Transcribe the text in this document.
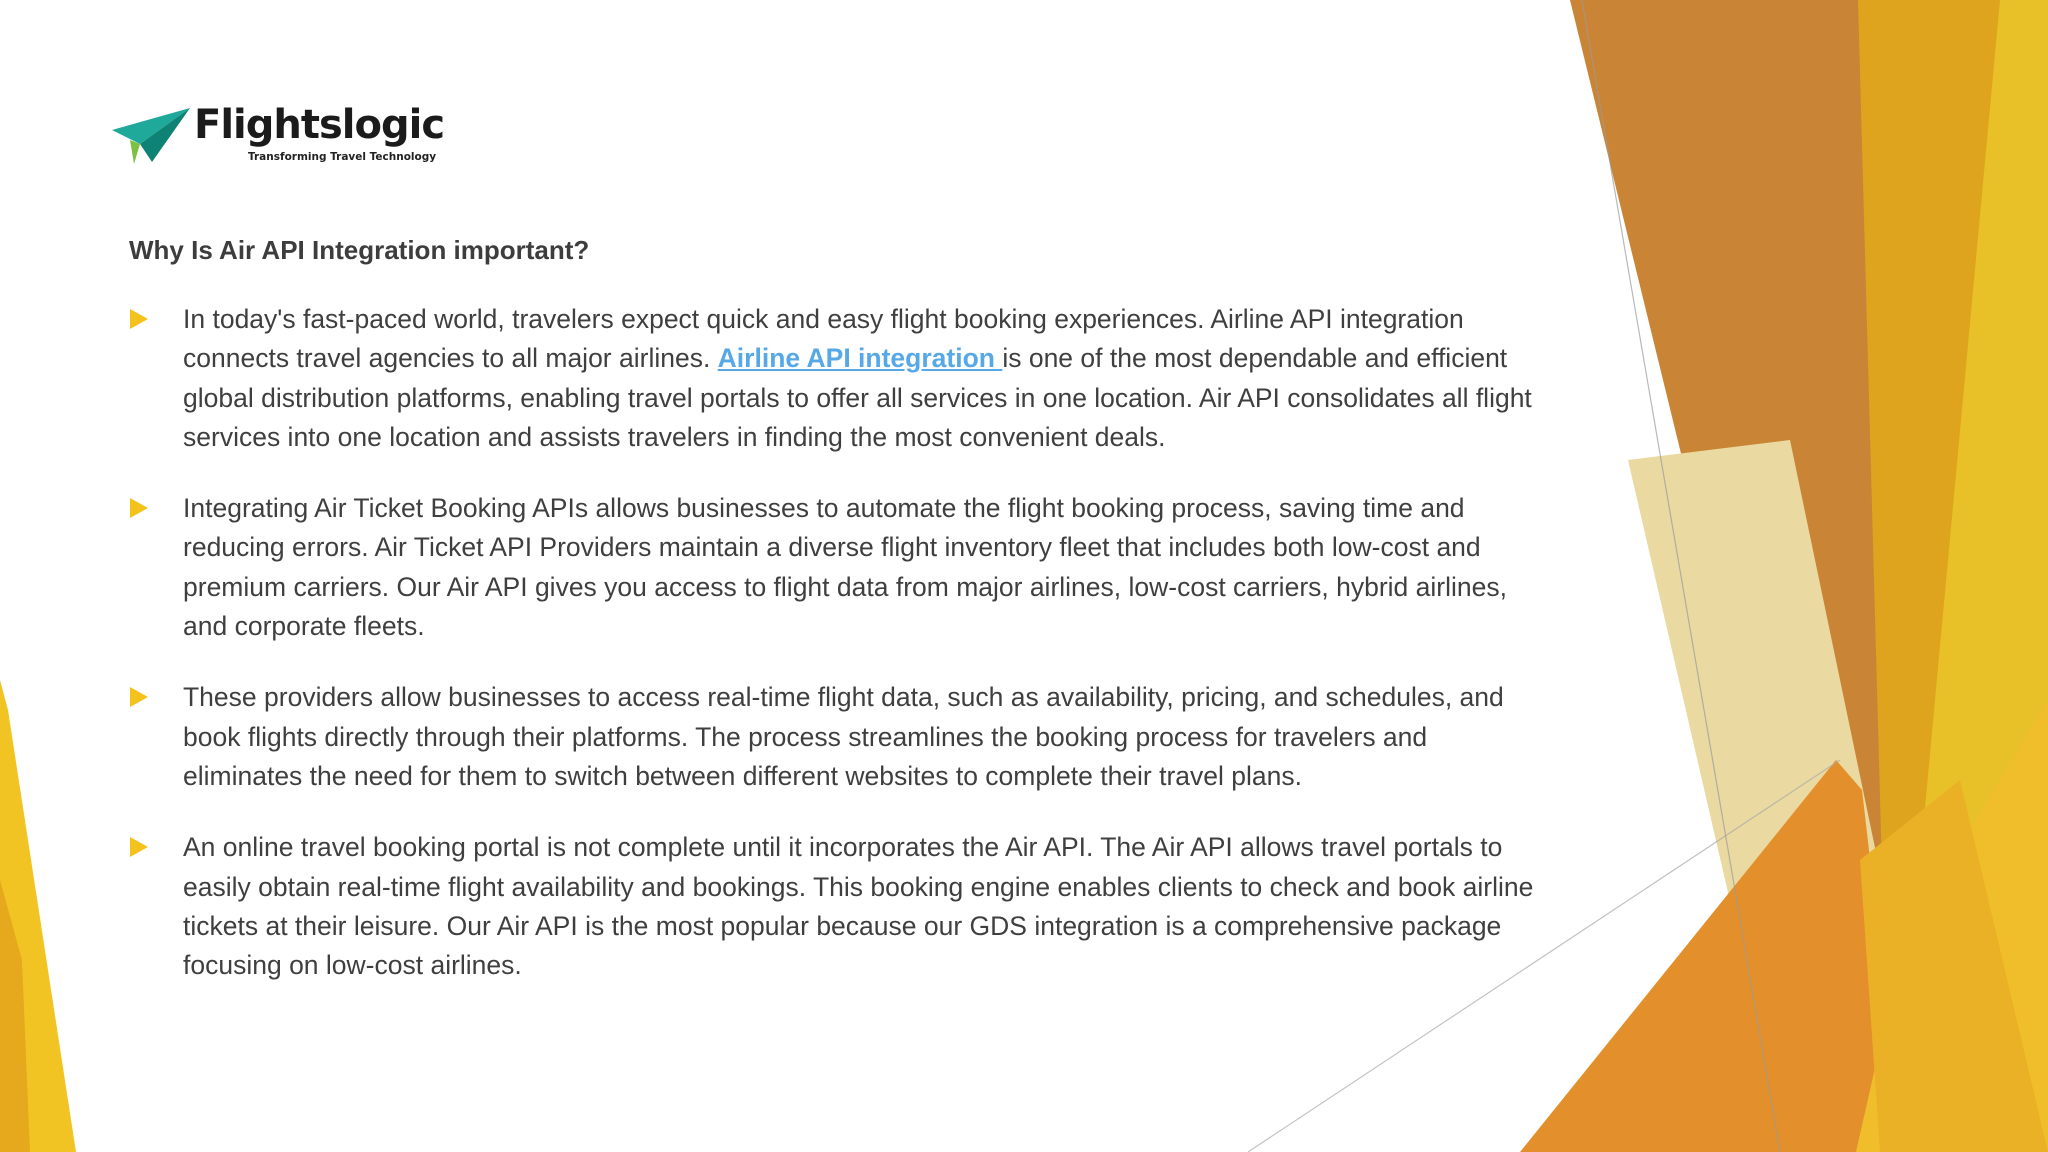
Flightslogic
Transforming Travel Technology
Why Is Air API Integration important?
In today's fast-paced world, travelers expect quick and easy flight booking experiences. Airline API integration connects travel agencies to all major airlines. Airline API integration is one of the most dependable and efficient global distribution platforms, enabling travel portals to offer all services in one location. Air API consolidates all flight services into one location and assists travelers in finding the most convenient deals.
Integrating Air Ticket Booking APIs allows businesses to automate the flight booking process, saving time and reducing errors. Air Ticket API Providers maintain a diverse flight inventory fleet that includes both low-cost and premium carriers. Our Air API gives you access to flight data from major airlines, low-cost carriers, hybrid airlines, and corporate fleets.
These providers allow businesses to access real-time flight data, such as availability, pricing, and schedules, and book flights directly through their platforms. The process streamlines the booking process for travelers and eliminates the need for them to switch between different websites to complete their travel plans.
An online travel booking portal is not complete until it incorporates the Air API. The Air API allows travel portals to easily obtain real-time flight availability and bookings. This booking engine enables clients to check and book airline tickets at their leisure. Our Air API is the most popular because our GDS integration is a comprehensive package focusing on low-cost airlines.
